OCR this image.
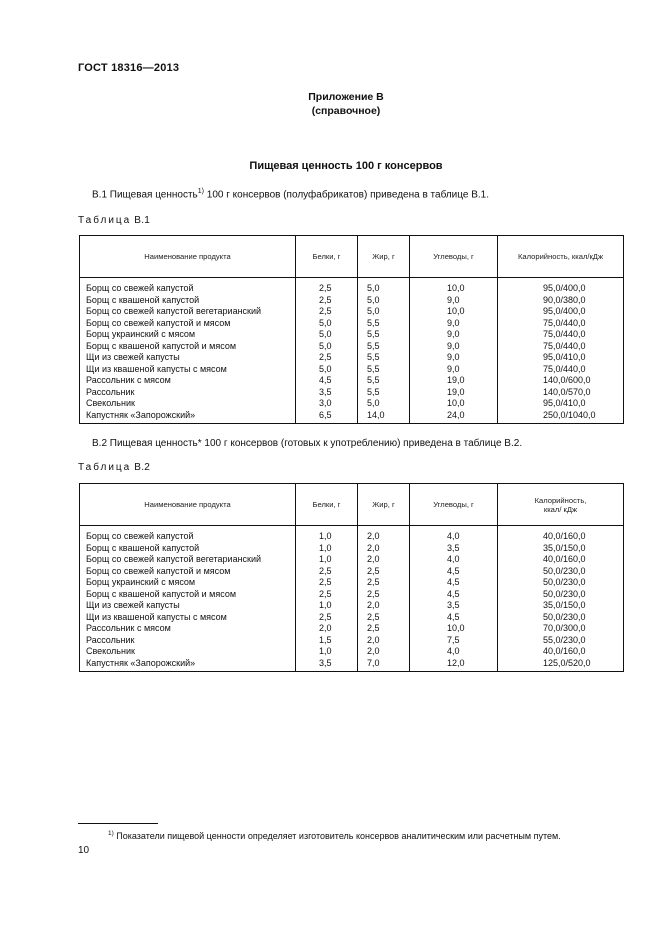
ГОСТ 18316—2013
Приложение В
(справочное)
Пищевая ценность 100 г консервов
В.1 Пищевая ценность$^{1)}$ 100 г консервов (полуфабрикатов) приведена в таблице В.1.
Таблица В.1
Наименование продукта	Белки, г	Жир, г	Углеводы, г	Калорийность, ккал/кДж
Борщ со свежей капустой	2,5	5,0	10,0	95,0/400,0
Борщ с квашеной капустой	2,5	5,0	9,0	90,0/380,0
Борщ со свежей капустой вегетарианский	2,5	5,0	10,0	95,0/400,0
Борщ со свежей капустой и мясом	5,0	5,5	9,0	75,0/440,0
Борщ украинский с мясом	5,0	5,5	9,0	75,0/440,0
Борщ с квашеной капустой и мясом	5,0	5,5	9,0	75,0/440,0
Щи из свежей капусты	2,5	5,5	9,0	95,0/410,0
Щи из квашеной капусты с мясом	5,0	5,5	9,0	75,0/440,0
Рассольник с мясом	4,5	5,5	19,0	140,0/600,0
Рассольник	3,5	5,5	19,0	140,0/570,0
Свекольник	3,0	5,0	10,0	95,0/410,0
Капустняк «Запорожский»	6,5	14,0	24,0	250,0/1040,0
В.2 Пищевая ценность* 100 г консервов (готовых к употреблению) приведена в таблице В.2.
Таблица В.2
Наименование продукта	Белки, г	Жир, г	Углеводы, г	Калорийность,
ккал/ кДж

Борщ со свежей капустой	1,0	2,0	4,0	40,0/160,0
Борщ с квашеной капустой	1,0	2,0	3,5	35,0/150,0
Борщ со свежей капустой вегетарианский	1,0	2,0	4,0	40,0/160,0
Борщ со свежей капустой и мясом	2,5	2,5	4,5	50,0/230,0
Борщ украинский с мясом	2,5	2,5	4,5	50,0/230,0
Борщ с квашеной капустой и мясом	2,5	2,5	4,5	50,0/230,0
Щи из свежей капусты	1,0	2,0	3,5	35,0/150,0
Щи из квашеной капусты с мясом	2,5	2,5	4,5	50,0/230,0
Рассольник с мясом	2,0	2,5	10,0	70,0/300,0
Рассольник	1,5	2,0	7,5	55,0/230,0
Свекольник	1,0	2,0	4,0	40,0/160,0
Капустняк «Запорожский»	3,5	7,0	12,0	125,0/520,0
$^{1)}$ Показатели пищевой ценности определяет изготовитель консервов аналитическим или расчетным путем.
10
